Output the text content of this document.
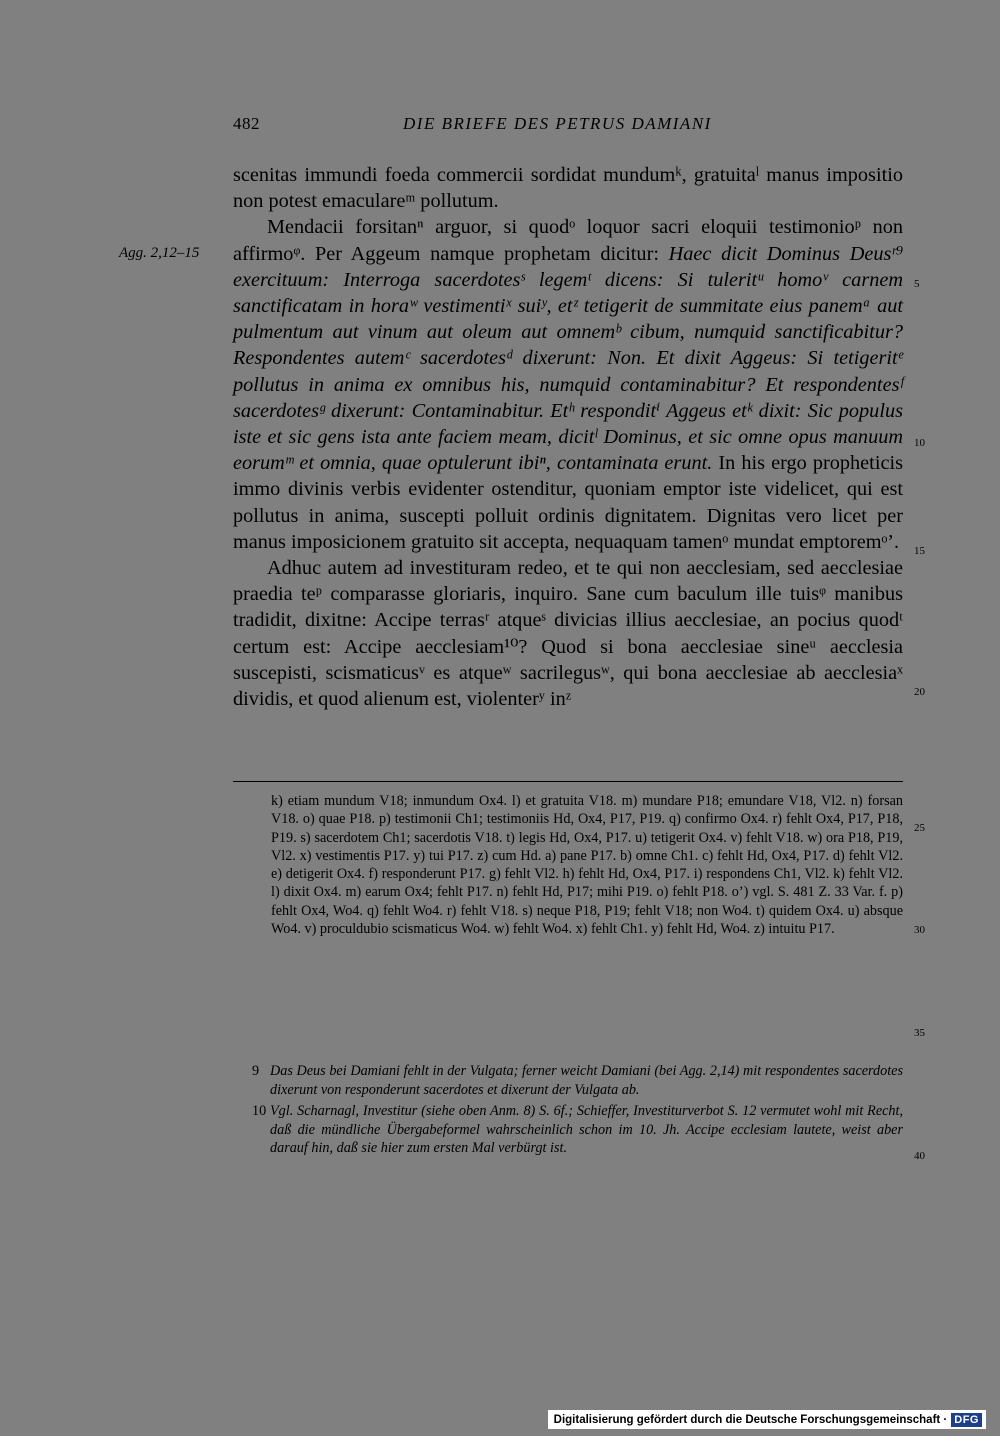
482	DIE BRIEFE DES PETRUS DAMIANI
Agg. 2,12–15
5
10
15
20
25
30
35
40

scenitas immundi foeda commercii sordidat mundumᵏ, gratuitaˡ manus impositio non potest emaculareᵐ pollutum.

Mendacii forsitanⁿ arguor, si quodᵒ loquor sacri eloquii testimonioᵖ non affirmoᵠ. Per Aggeum namque prophetam dicitur: Haec dicit Dominus Deusʳ⁹ exercituum: Interroga sacerdotesˢ legemᵗ dicens: Si tuleritᵘ homoᵛ carnem sanctificatam in horaʷ vestimentiˣ suiʸ, etᶻ tetigerit de summitate eius panemᵃ aut pulmentum aut vinum aut oleum aut omnemᵇ cibum, numquid sanctificabitur? Respondentes autemᶜ sacerdotesᵈ dixerunt: Non. Et dixit Aggeus: Si tetigeritᵉ pollutus in anima ex omnibus his, numquid contaminabitur? Et respondentesᶠ sacerdotesᵍ dixerunt: Contaminabitur. Etʰ responditⁱ Aggeus etᵏ dixit: Sic populus iste et sic gens ista ante faciem meam, dicitˡ Dominus, et sic omne opus manuum eorumᵐ et omnia, quae optulerunt ibiⁿ, contaminata erunt. In his ergo propheticis immo divinis verbis evidenter ostenditur, quoniam emptor iste videlicet, qui est pollutus in anima, suscepti polluit ordinis dignitatem. Dignitas vero licet per manus imposicionem gratuito sit accepta, nequaquam tamenᵒ mundat emptoremᵒ’.

Adhuc autem ad investituram redeo, et te qui non aecclesiam, sed aecclesiae praedia teᵖ comparasse gloriaris, inquiro. Sane cum baculum ille tuisᵠ manibus tradidit, dixitne: Accipe terrasʳ atqueˢ divicias illius aecclesiae, an pocius quodᵗ certum est: Accipe aecclesiam¹⁰? Quod si bona aecclesiae sineᵘ aecclesia suscepisti, scismaticusᵛ es atqueʷ sacrilegusʷ, qui bona aecclesiae ab aecclesiaˣ dividis, et quod alienum est, violenterʸ inᶻ

k) etiam mundum V18; inmundum Ox4. l) et gratuita V18. m) mundare P18; emundare V18, Vl2. n) forsan V18. o) quae P18. p) testimonii Ch1; testimoniis Hd, Ox4, P17, P19. q) confirmo Ox4. r) fehlt Ox4, P17, P18, P19. s) sacerdotem Ch1; sacerdotis V18. t) legis Hd, Ox4, P17. u) tetigerit Ox4. v) fehlt V18. w) ora P18, P19, Vl2. x) vestimentis P17. y) tui P17. z) cum Hd. a) pane P17. b) omne Ch1. c) fehlt Hd, Ox4, P17. d) fehlt Vl2. e) detigerit Ox4. f) responderunt P17. g) fehlt Vl2. h) fehlt Hd, Ox4, P17. i) respondens Ch1, Vl2. k) fehlt Vl2. l) dixit Ox4. m) earum Ox4; fehlt P17. n) fehlt Hd, P17; mihi P19. o) fehlt P18. o’) vgl. S. 481 Z. 33 Var. f. p) fehlt Ox4, Wo4. q) fehlt Wo4. r) fehlt V18. s) neque P18, P19; fehlt V18; non Wo4. t) quidem Ox4. u) absque Wo4. v) proculdubio scismaticus Wo4. w) fehlt Wo4. x) fehlt Ch1. y) fehlt Hd, Wo4. z) intuitu P17.

9 Das Deus bei Damiani fehlt in der Vulgata; ferner weicht Damiani (bei Agg. 2,14) mit respondentes sacerdotes dixerunt von responderunt sacerdotes et dixerunt der Vulgata ab.
10 Vgl. Scharnagl, Investitur (siehe oben Anm. 8) S. 6f.; Schieffer, Investiturverbot S. 12 vermutet wohl mit Recht, daß die mündliche Übergabeformel wahrscheinlich schon im 10. Jh. Accipe ecclesiam lautete, weist aber darauf hin, daß sie hier zum ersten Mal verbürgt ist.
Digitalisierung gefördert durch die Deutsche Forschungsgemeinschaft · DFG
